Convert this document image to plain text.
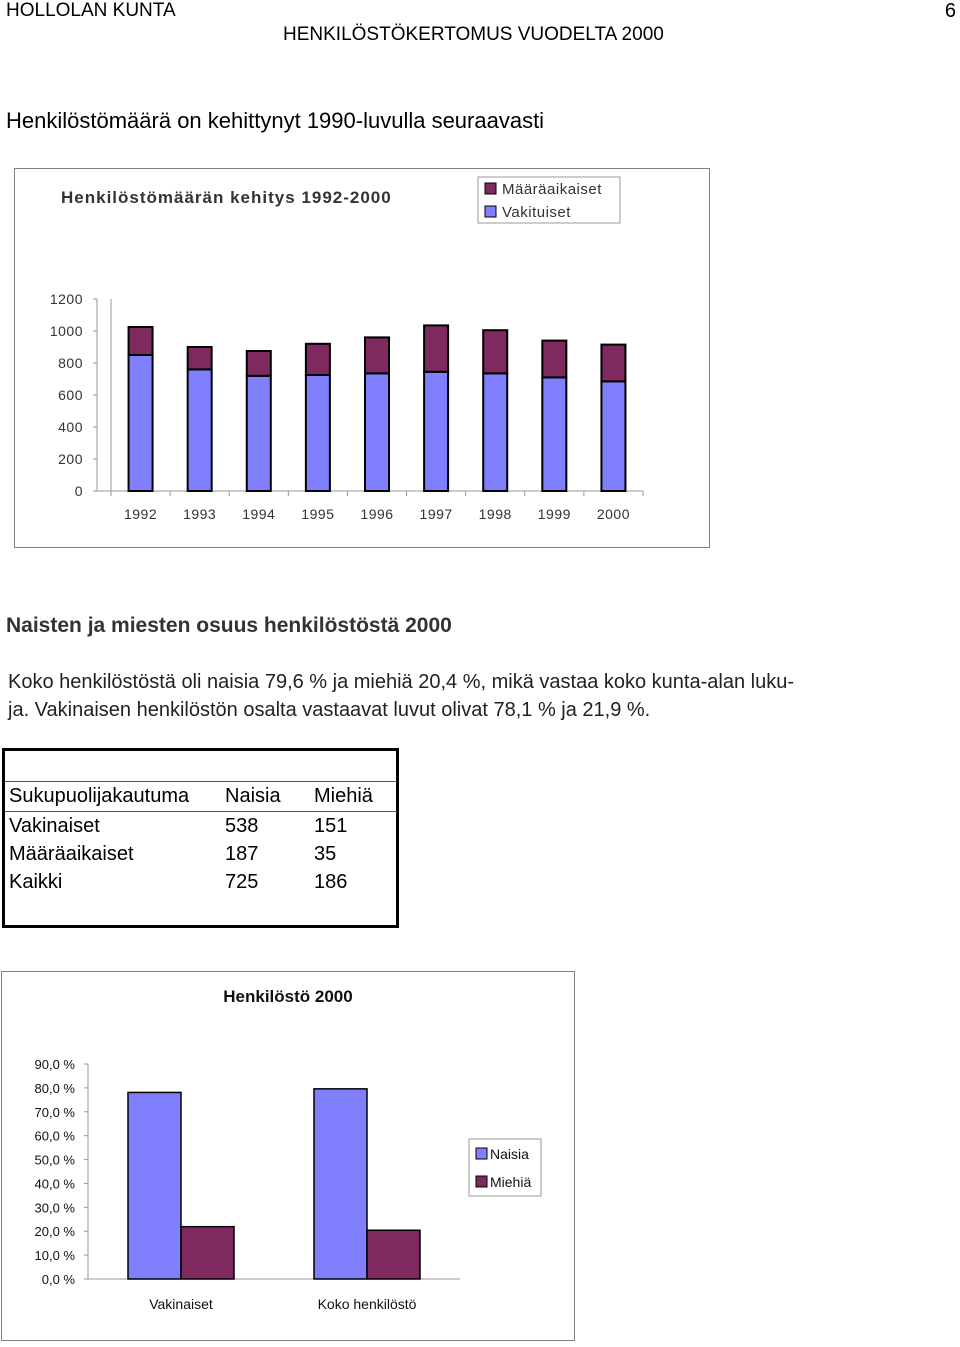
HOLLOLAN KUNTA
HENKILÖSTÖKERTOMUS VUODELTA 2000
6
Henkilöstömäärä on kehittynyt 1990-luvulla seuraavasti
Henkilöstömäärän kehitys 1992-2000	Määräaikaiset
Vakituiset
0
200
400
600
800
1000
1200
1992 1993 1994 1995 1996 1997 1998 1999 2000
Naisten ja miesten osuus henkilöstöstä 2000
Koko henkilöstöstä oli naisia 79,6 % ja miehiä 20,4 %, mikä vastaa koko kunta-alan luku-
ja. Vakinaisen henkilöstön osalta vastaavat luvut olivat 78,1 % ja 21,9 %.
Sukupuolijakautuma Naisia Miehiä
Vakinaiset	538	151
Määräaikaiset	187	35
Kaikki	725	186
Henkilöstö 2000
Naisia
Miehiä
0,0 %
10,0 %
20,0 %
30,0 %
40,0 %
50,0 %
60,0 %
70,0 %
80,0 %
90,0 %
Vakinaiset	Koko henkilöstö
